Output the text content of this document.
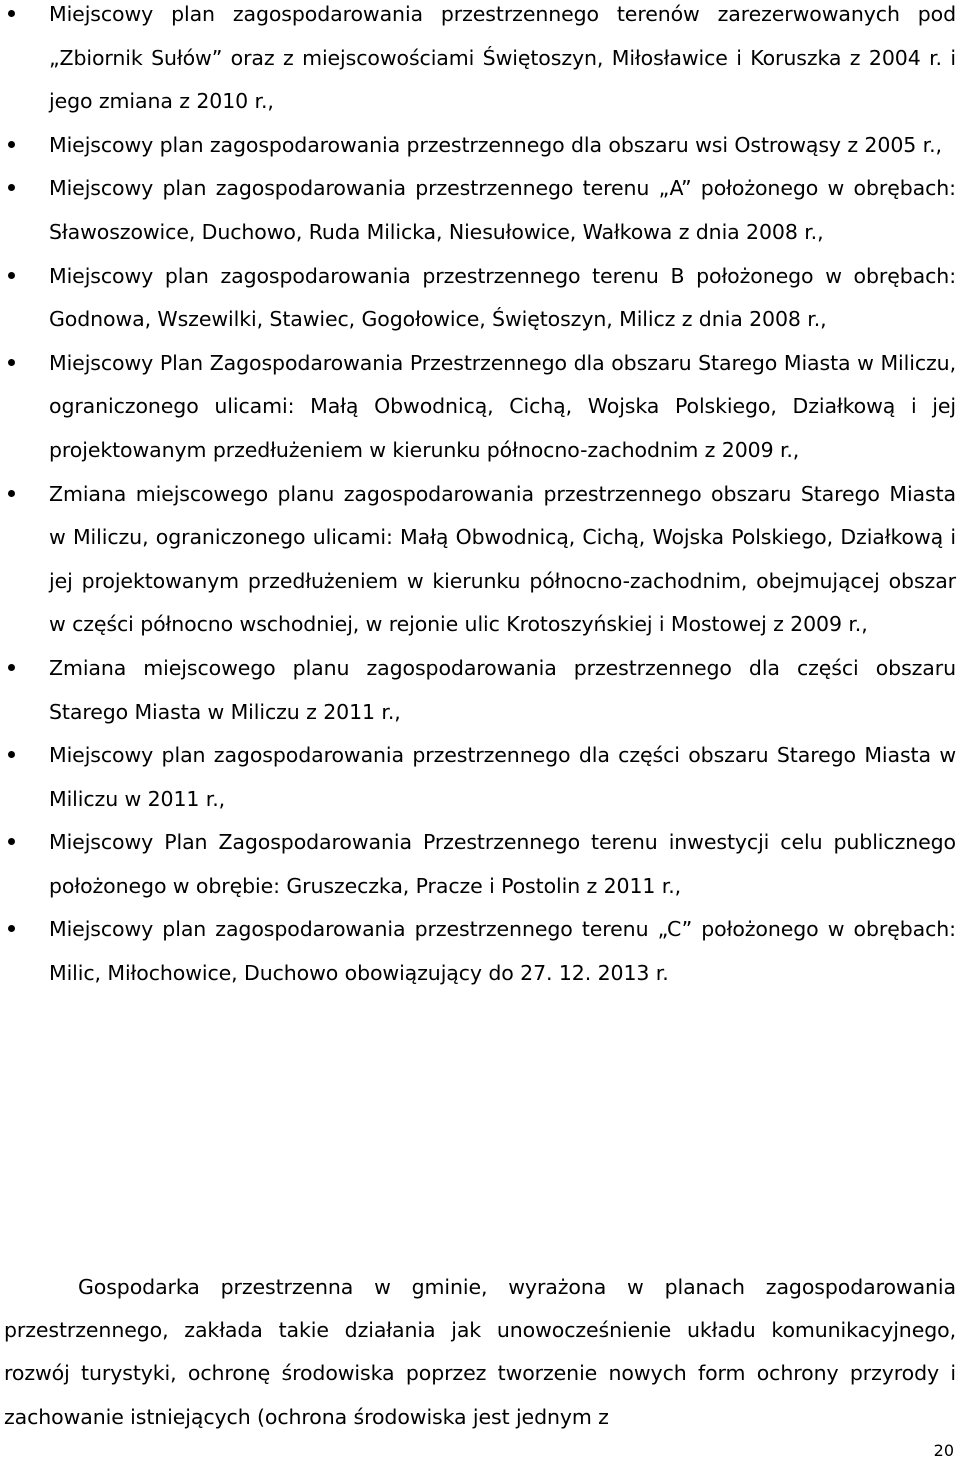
Miejscowy plan zagospodarowania przestrzennego terenów zarezerwowanych pod „Zbiornik Sułów” oraz z miejscowościami Świętoszyn, Miłosławice i Koruszka z 2004 r. i jego zmiana z 2010 r.,
Miejscowy plan zagospodarowania przestrzennego dla obszaru wsi Ostrowąsy z 2005 r.,
Miejscowy plan zagospodarowania przestrzennego terenu „A” położonego w obrębach: Sławoszowice, Duchowo, Ruda Milicka, Niesułowice, Wałkowa z dnia 2008 r.,
Miejscowy plan zagospodarowania przestrzennego terenu B położonego w obrębach: Godnowa, Wszewilki, Stawiec, Gogołowice, Świętoszyn, Milicz z dnia 2008 r.,
Miejscowy Plan Zagospodarowania Przestrzennego dla obszaru Starego Miasta w Miliczu, ograniczonego ulicami: Małą Obwodnicą, Cichą, Wojska Polskiego, Działkową i jej projektowanym przedłużeniem w kierunku północno-zachodnim z 2009 r.,
Zmiana miejscowego planu zagospodarowania przestrzennego obszaru Starego Miasta w Miliczu, ograniczonego ulicami: Małą Obwodnicą, Cichą, Wojska Polskiego, Działkową i jej projektowanym przedłużeniem w kierunku północno-zachodnim, obejmującej obszar w części północno wschodniej, w rejonie ulic Krotoszyńskiej i Mostowej z 2009 r.,
Zmiana miejscowego planu zagospodarowania przestrzennego dla części obszaru Starego Miasta w Miliczu z 2011 r.,
Miejscowy plan zagospodarowania przestrzennego dla części obszaru Starego Miasta w Miliczu w 2011 r.,
Miejscowy Plan Zagospodarowania Przestrzennego terenu inwestycji celu publicznego położonego w obrębie: Gruszeczka, Pracze i Postolin z 2011 r.,
Miejscowy plan zagospodarowania przestrzennego terenu „C” położonego w obrębach: Milic, Miłochowice, Duchowo obowiązujący do 27. 12. 2013 r.

Gospodarka przestrzenna w gminie, wyrażona w planach zagospodarowania przestrzennego, zakłada takie działania jak unowocześnienie układu komunikacyjnego, rozwój turystyki, ochronę środowiska poprzez tworzenie nowych form ochrony przyrody i zachowanie istniejących (ochrona środowiska jest jednym z

20
